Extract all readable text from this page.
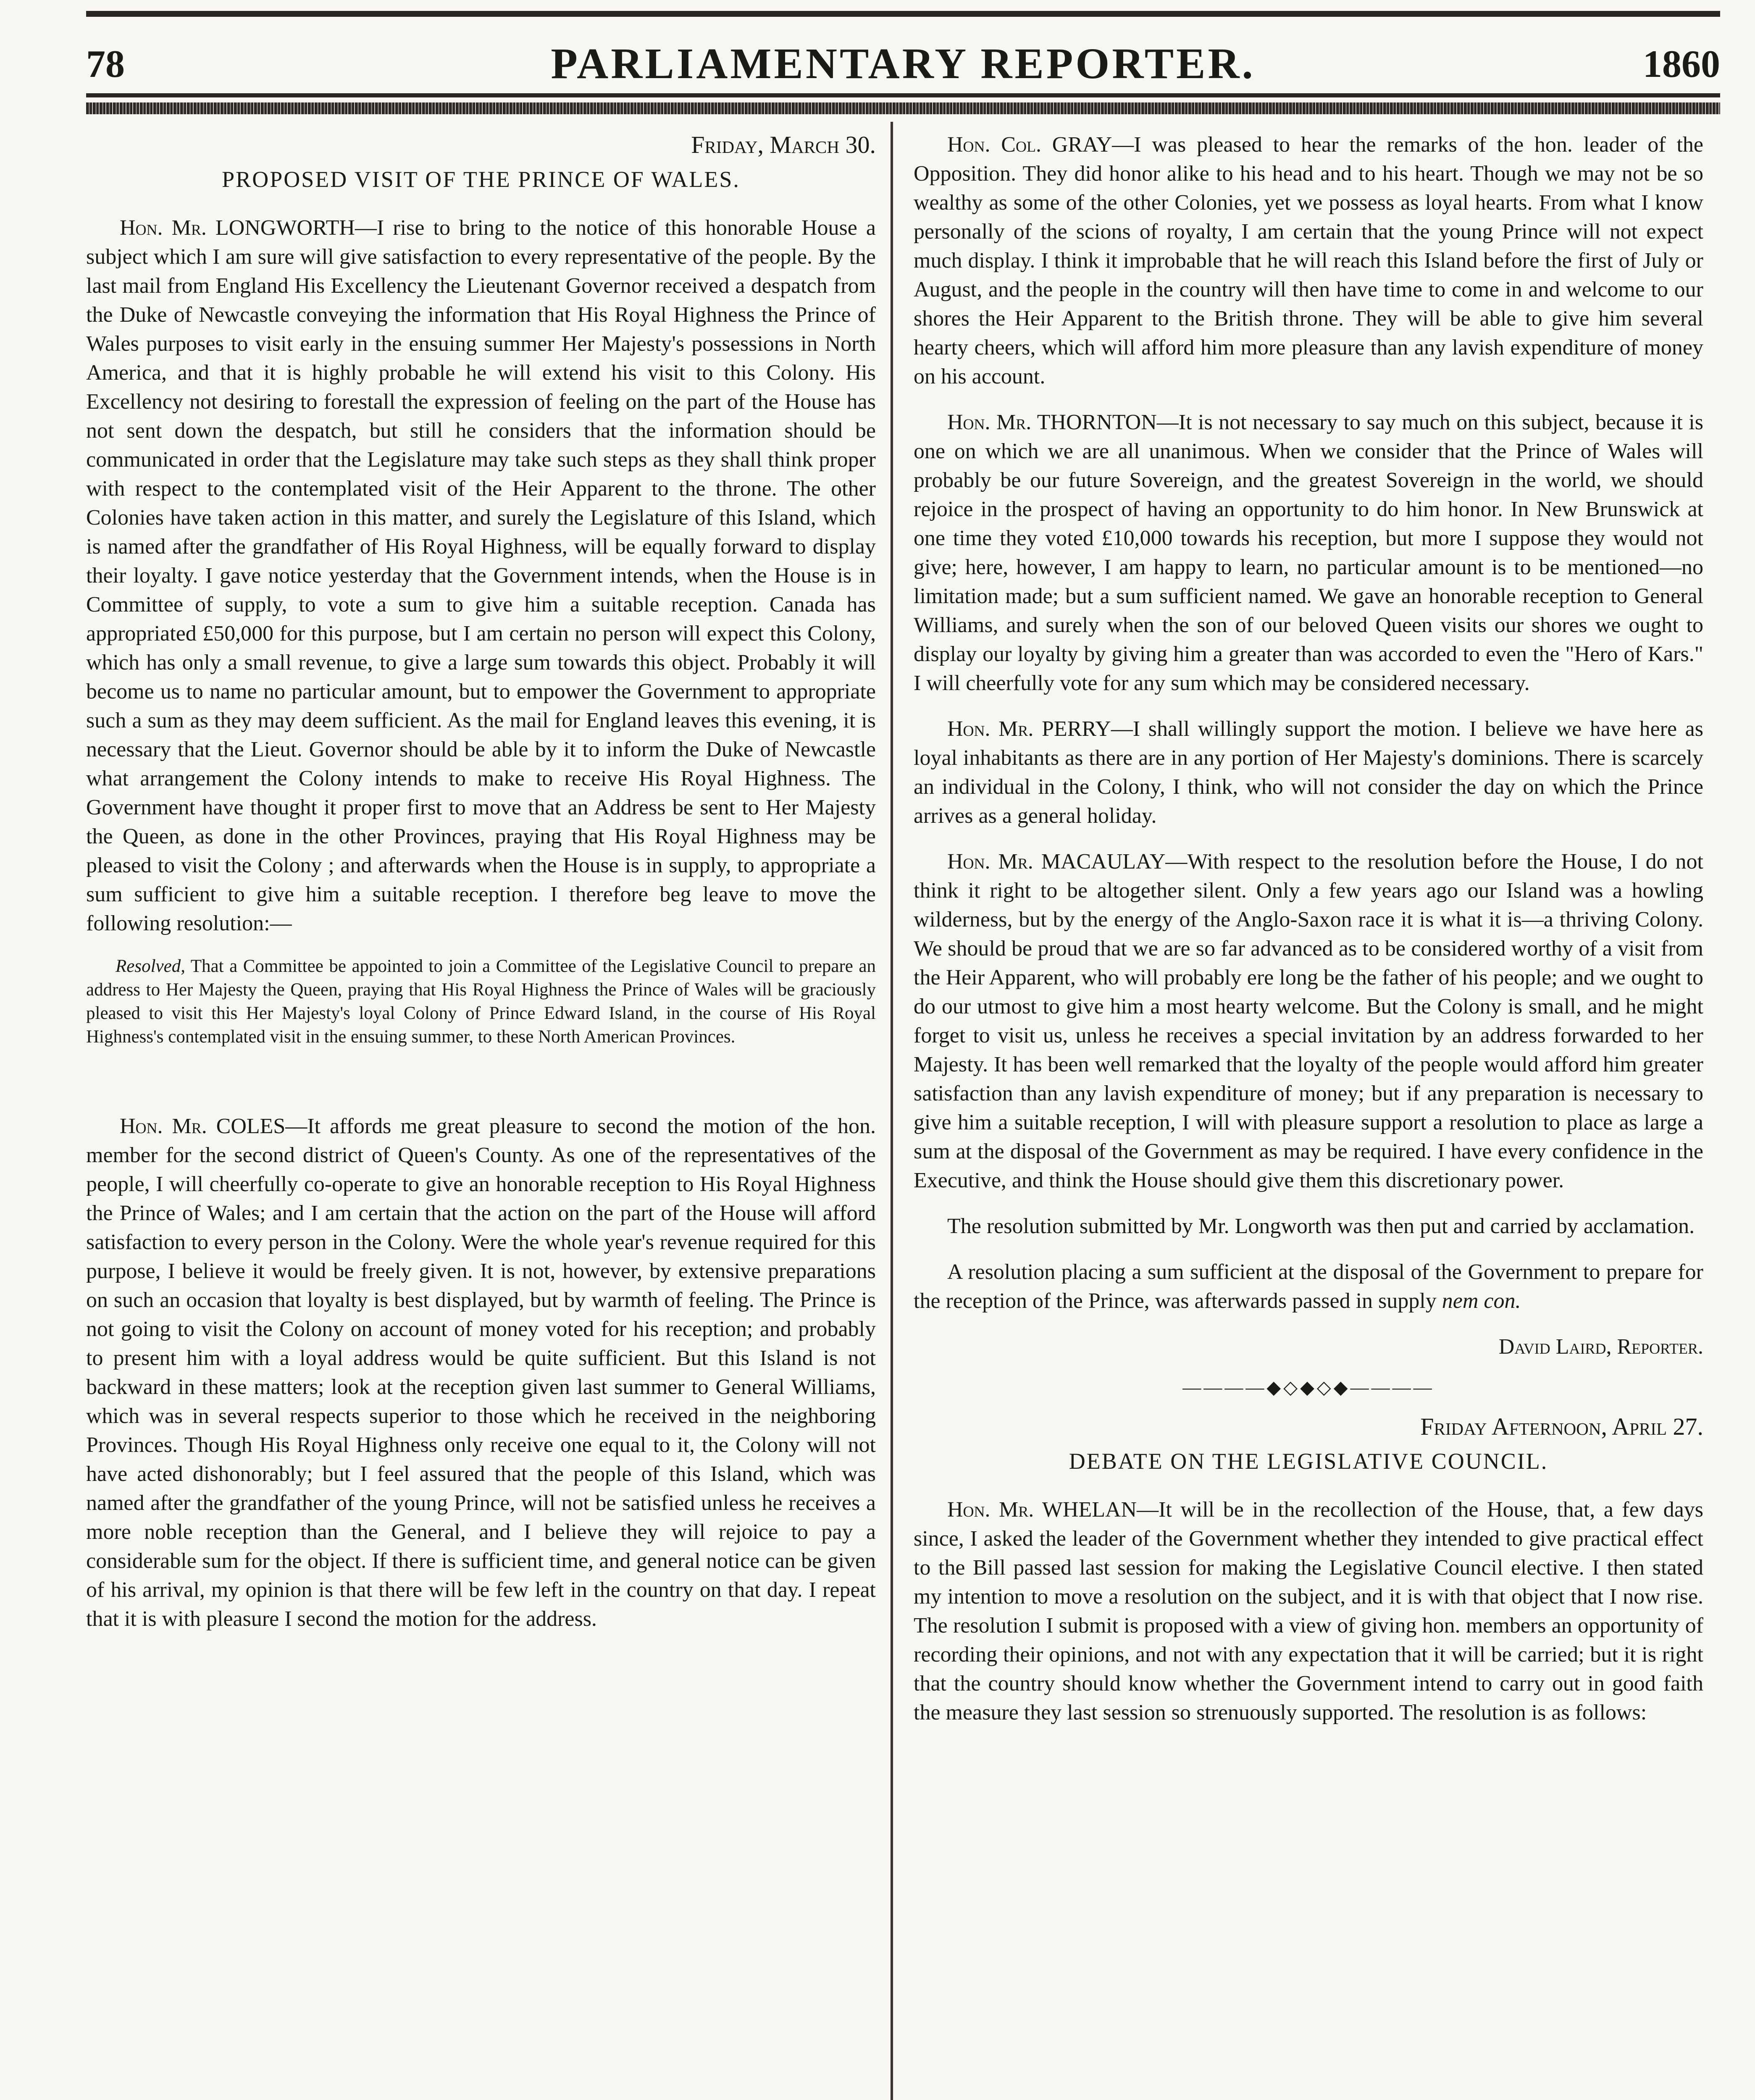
78	PARLIAMENTARY REPORTER.	1860

Friday, March 30.

PROPOSED VISIT OF THE PRINCE OF WALES.

Hon. Mr. LONGWORTH—I rise to bring to the notice of this honorable House a subject which I am sure will give satisfaction to every representative of the people. By the last mail from England His Excellency the Lieutenant Governor received a despatch from the Duke of Newcastle conveying the information that His Royal Highness the Prince of Wales purposes to visit early in the ensuing summer Her Majesty's possessions in North America, and that it is highly probable he will extend his visit to this Colony. His Excellency not desiring to forestall the expression of feeling on the part of the House has not sent down the despatch, but still he considers that the information should be communicated in order that the Legislature may take such steps as they shall think proper with respect to the contemplated visit of the Heir Apparent to the throne. The other Colonies have taken action in this matter, and surely the Legislature of this Island, which is named after the grandfather of His Royal Highness, will be equally forward to display their loyalty. I gave notice yesterday that the Government intends, when the House is in Committee of supply, to vote a sum to give him a suitable reception. Canada has appropriated £50,000 for this purpose, but I am certain no person will expect this Colony, which has only a small revenue, to give a large sum towards this object. Probably it will become us to name no particular amount, but to empower the Government to appropriate such a sum as they may deem sufficient. As the mail for England leaves this evening, it is necessary that the Lieut. Governor should be able by it to inform the Duke of Newcastle what arrangement the Colony intends to make to receive His Royal Highness. The Government have thought it proper first to move that an Address be sent to Her Majesty the Queen, as done in the other Provinces, praying that His Royal Highness may be pleased to visit the Colony ; and afterwards when the House is in supply, to appropriate a sum sufficient to give him a suitable reception. I therefore beg leave to move the following resolution:—

Resolved, That a Committee be appointed to join a Committee of the Legislative Council to prepare an address to Her Majesty the Queen, praying that His Royal Highness the Prince of Wales will be graciously pleased to visit this Her Majesty's loyal Colony of Prince Edward Island, in the course of His Royal Highness's contemplated visit in the ensuing summer, to these North American Provinces.

Hon. Mr. COLES—It affords me great pleasure to second the motion of the hon. member for the second district of Queen's County. As one of the representatives of the people, I will cheerfully co-operate to give an honorable reception to His Royal Highness the Prince of Wales; and I am certain that the action on the part of the House will afford satisfaction to every person in the Colony. Were the whole year's revenue required for this purpose, I believe it would be freely given. It is not, however, by extensive preparations on such an occasion that loyalty is best displayed, but by warmth of feeling. The Prince is not going to visit the Colony on account of money voted for his reception; and probably to present him with a loyal address would be quite sufficient. But this Island is not backward in these matters; look at the reception given last summer to General Williams, which was in several respects superior to those which he received in the neighboring Provinces. Though His Royal Highness only receive one equal to it, the Colony will not have acted dishonorably; but I feel assured that the people of this Island, which was named after the grandfather of the young Prince, will not be satisfied unless he receives a more noble reception than the General, and I believe they will rejoice to pay a considerable sum for the object. If there is sufficient time, and general notice can be given of his arrival, my opinion is that there will be few left in the country on that day. I repeat that it is with pleasure I second the motion for the address.

Hon. Col. GRAY—I was pleased to hear the remarks of the hon. leader of the Opposition. They did honor alike to his head and to his heart. Though we may not be so wealthy as some of the other Colonies, yet we possess as loyal hearts. From what I know personally of the scions of royalty, I am certain that the young Prince will not expect much display. I think it improbable that he will reach this Island before the first of July or August, and the people in the country will then have time to come in and welcome to our shores the Heir Apparent to the British throne. They will be able to give him several hearty cheers, which will afford him more pleasure than any lavish expenditure of money on his account.

Hon. Mr. THORNTON—It is not necessary to say much on this subject, because it is one on which we are all unanimous. When we consider that the Prince of Wales will probably be our future Sovereign, and the greatest Sovereign in the world, we should rejoice in the prospect of having an opportunity to do him honor. In New Brunswick at one time they voted £10,000 towards his reception, but more I suppose they would not give; here, however, I am happy to learn, no particular amount is to be mentioned—no limitation made; but a sum sufficient named. We gave an honorable reception to General Williams, and surely when the son of our beloved Queen visits our shores we ought to display our loyalty by giving him a greater than was accorded to even the "Hero of Kars." I will cheerfully vote for any sum which may be considered necessary.

Hon. Mr. PERRY—I shall willingly support the motion. I believe we have here as loyal inhabitants as there are in any portion of Her Majesty's dominions. There is scarcely an individual in the Colony, I think, who will not consider the day on which the Prince arrives as a general holiday.

Hon. Mr. MACAULAY—With respect to the resolution before the House, I do not think it right to be altogether silent. Only a few years ago our Island was a howling wilderness, but by the energy of the Anglo-Saxon race it is what it is—a thriving Colony. We should be proud that we are so far advanced as to be considered worthy of a visit from the Heir Apparent, who will probably ere long be the father of his people; and we ought to do our utmost to give him a most hearty welcome. But the Colony is small, and he might forget to visit us, unless he receives a special invitation by an address forwarded to her Majesty. It has been well remarked that the loyalty of the people would afford him greater satisfaction than any lavish expenditure of money; but if any preparation is necessary to give him a suitable reception, I will with pleasure support a resolution to place as large a sum at the disposal of the Government as may be required. I have every confidence in the Executive, and think the House should give them this discretionary power.

The resolution submitted by Mr. Longworth was then put and carried by acclamation.

A resolution placing a sum sufficient at the disposal of the Government to prepare for the reception of the Prince, was afterwards passed in supply nem con.

David Laird, Reporter.

————◆◇◆◇◆————

Friday Afternoon, April 27.

DEBATE ON THE LEGISLATIVE COUNCIL.

Hon. Mr. WHELAN—It will be in the recollection of the House, that, a few days since, I asked the leader of the Government whether they intended to give practical effect to the Bill passed last session for making the Legislative Council elective. I then stated my intention to move a resolution on the subject, and it is with that object that I now rise. The resolution I submit is proposed with a view of giving hon. members an opportunity of recording their opinions, and not with any expectation that it will be carried; but it is right that the country should know whether the Government intend to carry out in good faith the measure they last session so strenuously supported. The resolution is as follows:
